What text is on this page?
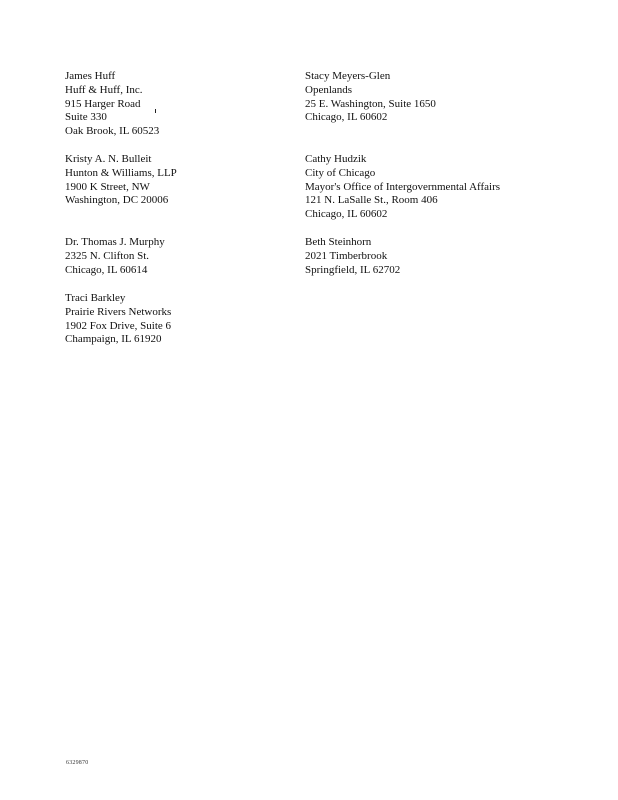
James Huff
Huff & Huff, Inc.
915 Harger Road
Suite 330
Oak Brook, IL 60523
Kristy A. N. Bulleit
Hunton & Williams, LLP
1900 K Street, NW
Washington, DC 20006
Dr. Thomas J. Murphy
2325 N. Clifton St.
Chicago, IL 60614
Traci Barkley
Prairie Rivers Networks
1902 Fox Drive, Suite 6
Champaign, IL 61920
Stacy Meyers-Glen
Openlands
25 E. Washington, Suite 1650
Chicago, IL 60602
Cathy Hudzik
City of Chicago
Mayor's Office of Intergovernmental Affairs
121 N. LaSalle St., Room 406
Chicago, IL 60602
Beth Steinhorn
2021 Timberbrook
Springfield, IL 62702
6329870
